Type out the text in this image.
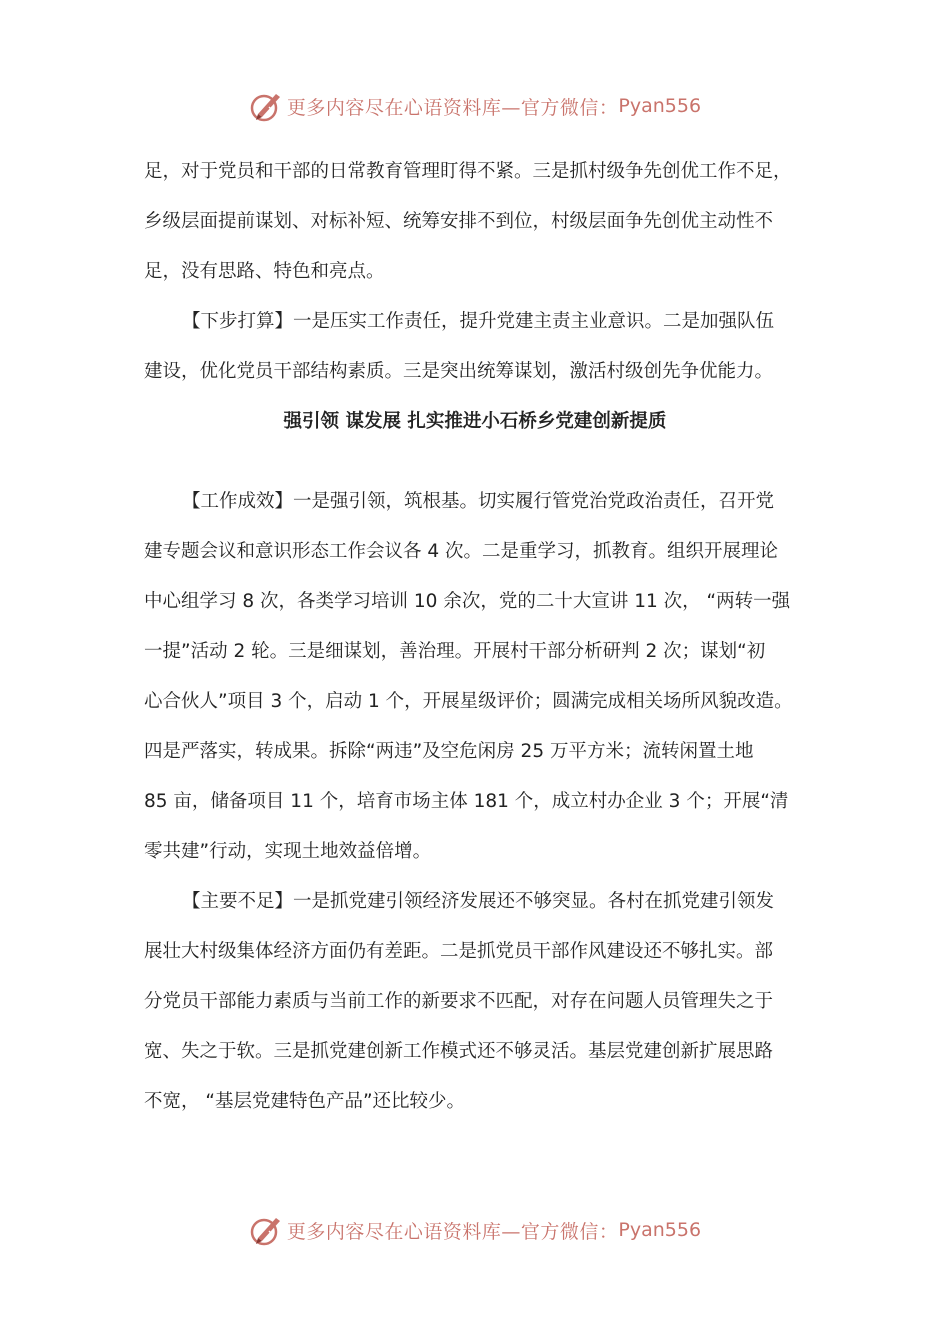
更多内容尽在心语资料库—官方微信： Pyan556
足，对于党员和干部的日常教育管理盯得不紧。三是抓村级争先创优工作不足，
乡级层面提前谋划、对标补短、统筹安排不到位，村级层面争先创优主动性不
足，没有思路、特色和亮点。
【下步打算】一是压实工作责任，提升党建主责主业意识。二是加强队伍
建设，优化党员干部结构素质。三是突出统筹谋划，激活村级创先争优能力。
强引领 谋发展 扎实推进小石桥乡党建创新提质
【工作成效】一是强引领，筑根基。切实履行管党治党政治责任，召开党
建专题会议和意识形态工作会议各 4 次。二是重学习，抓教育。组织开展理论
中心组学习 8 次，各类学习培训 10 余次，党的二十大宣讲 11 次， “两转一强
一提”活动 2 轮。三是细谋划，善治理。开展村干部分析研判 2 次；谋划“初
心合伙人”项目 3 个，启动 1 个，开展星级评价；圆满完成相关场所风貌改造。
四是严落实，转成果。拆除“两违”及空危闲房 25 万平方米；流转闲置土地
85 亩，储备项目 11 个，培育市场主体 181 个，成立村办企业 3 个；开展“清
零共建”行动，实现土地效益倍增。
【主要不足】一是抓党建引领经济发展还不够突显。各村在抓党建引领发
展壮大村级集体经济方面仍有差距。二是抓党员干部作风建设还不够扎实。部
分党员干部能力素质与当前工作的新要求不匹配，对存在问题人员管理失之于
宽、失之于软。三是抓党建创新工作模式还不够灵活。基层党建创新扩展思路
不宽， “基层党建特色产品”还比较少。
更多内容尽在心语资料库—官方微信： Pyan556
